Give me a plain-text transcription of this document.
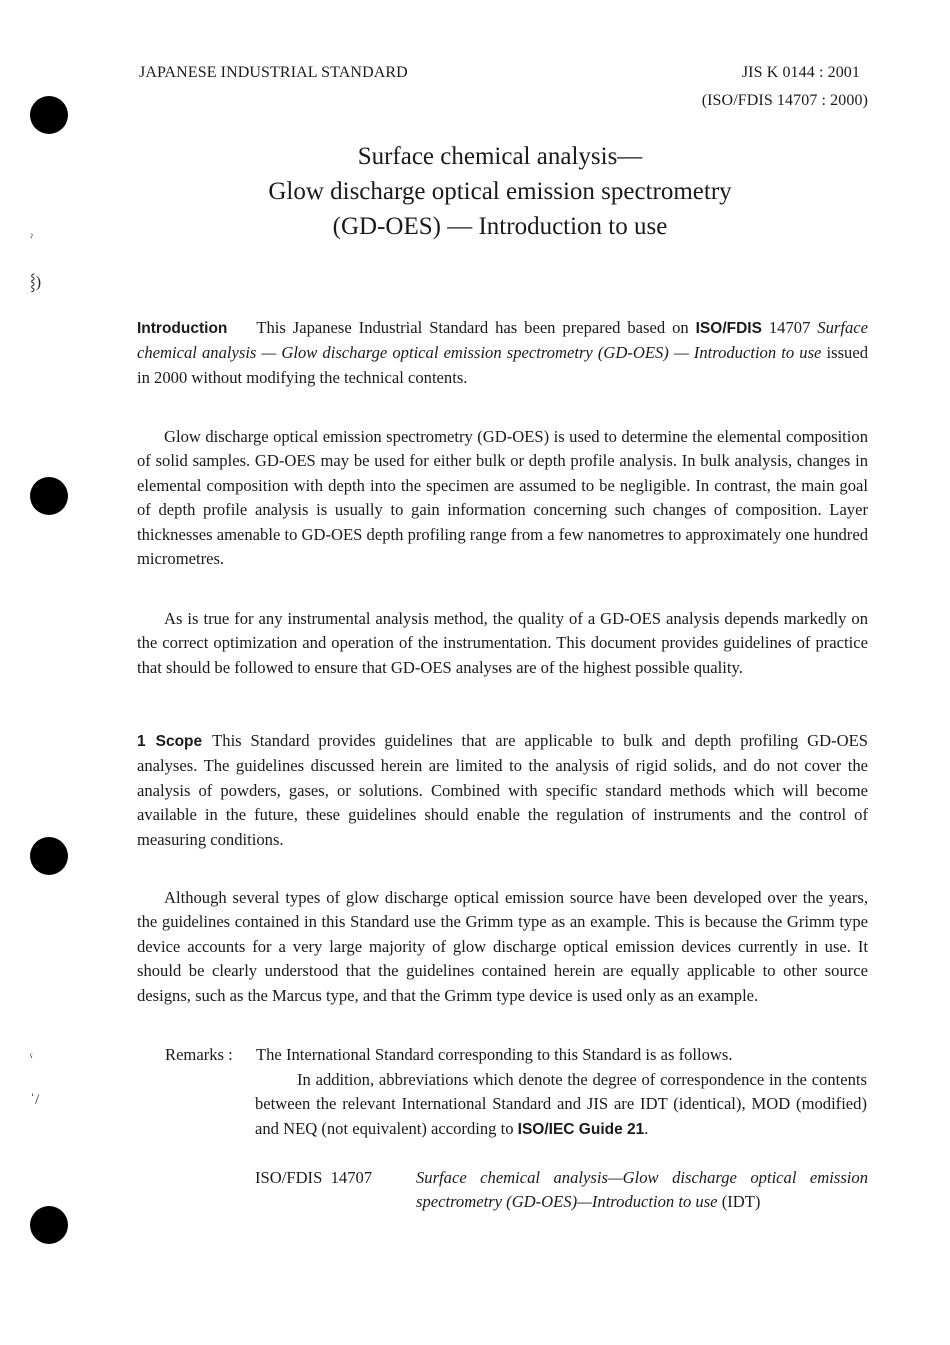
ˀ
⸾)
ˤ
ˈ/
JAPANESE INDUSTRIAL STANDARD	JIS K 0144 : 2001
(ISO/FDIS 14707 : 2000)
Surface chemical analysis—
Glow discharge optical emission spectrometry
(GD-OES) — Introduction to use

Introduction This Japanese Industrial Standard has been prepared based on ISO/FDIS 14707 Surface chemical analysis — Glow discharge optical emission spectrometry (GD-OES) — Introduction to use issued in 2000 without modifying the technical contents.

Glow discharge optical emission spectrometry (GD-OES) is used to determine the elemental composition of solid samples. GD-OES may be used for either bulk or depth profile analysis. In bulk analysis, changes in elemental composition with depth into the specimen are assumed to be negligible. In contrast, the main goal of depth profile analysis is usually to gain information concerning such changes of composition. Layer thicknesses amenable to GD-OES depth profiling range from a few nanometres to approximately one hundred micrometres.

As is true for any instrumental analysis method, the quality of a GD-OES analysis depends markedly on the correct optimization and operation of the instrumentation. This document provides guidelines of practice that should be followed to ensure that GD-OES analyses are of the highest possible quality.

1 Scope This Standard provides guidelines that are applicable to bulk and depth profiling GD-OES analyses. The guidelines discussed herein are limited to the analysis of rigid solids, and do not cover the analysis of powders, gases, or solutions. Combined with specific standard methods which will become available in the future, these guidelines should enable the regulation of instruments and the control of measuring conditions.

Although several types of glow discharge optical emission source have been developed over the years, the guidelines contained in this Standard use the Grimm type as an example. This is because the Grimm type device accounts for a very large majority of glow discharge optical emission devices currently in use. It should be clearly understood that the guidelines contained herein are equally applicable to other source designs, such as the Marcus type, and that the Grimm type device is used only as an example.

Remarks : The International Standard corresponding to this Standard is as follows.

In addition, abbreviations which denote the degree of correspondence in the contents between the relevant International Standard and JIS are IDT (identical), MOD (modified) and NEQ (not equivalent) according to ISO/IEC Guide 21.

ISO/FDIS  14707	Surface chemical analysis—Glow discharge optical emission spectrometry (GD-OES)—Introduction to use (IDT)
